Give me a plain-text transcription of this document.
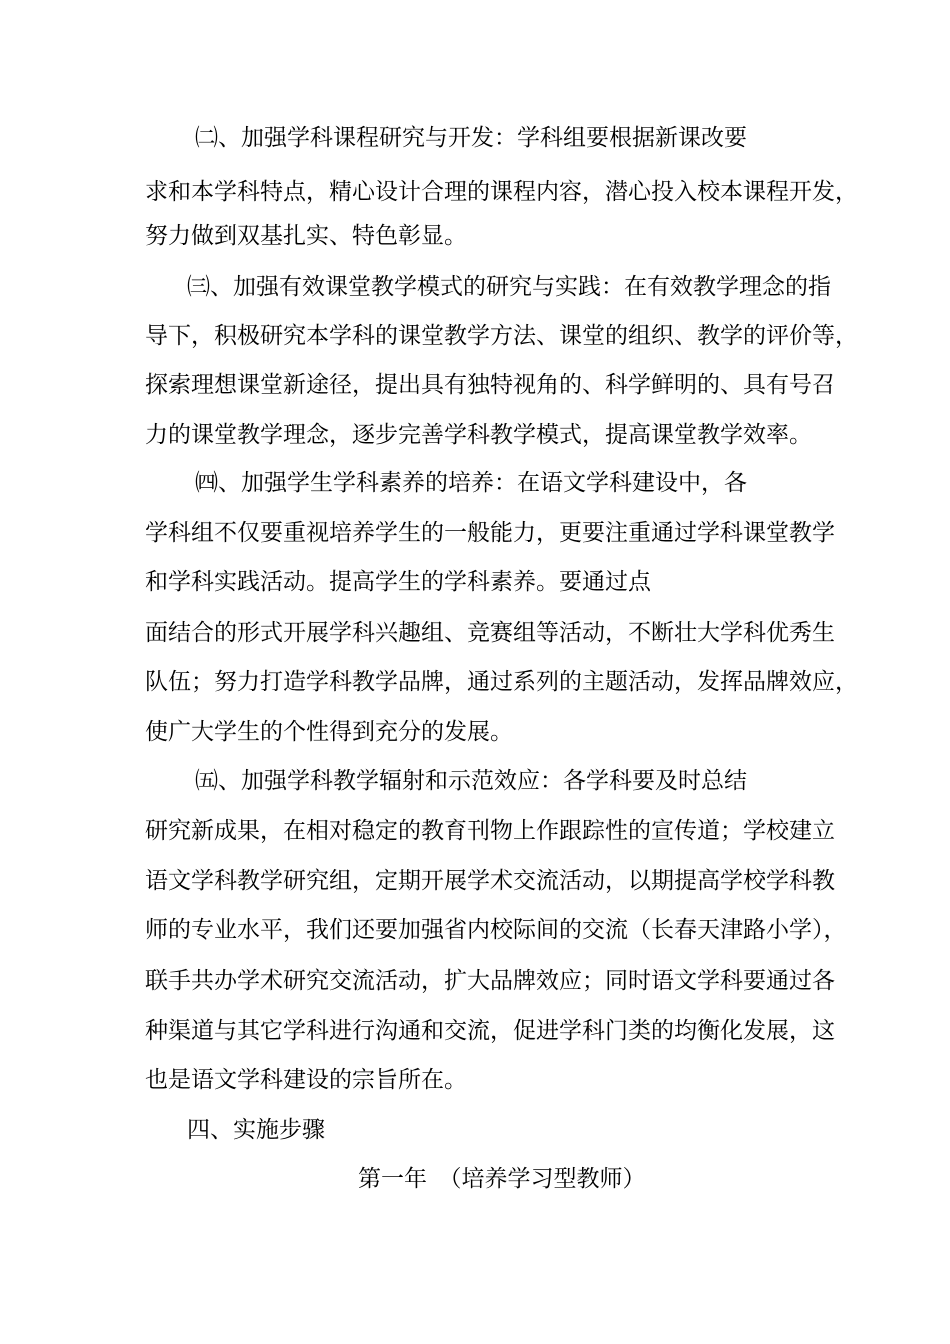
㈡、加强学科课程研究与开发：学科组要根据新课改要
求和本学科特点，精心设计合理的课程内容，潜心投入校本课程开发，
努力做到双基扎实、特色彰显。
㈢、加强有效课堂教学模式的研究与实践：在有效教学理念的指
导下，积极研究本学科的课堂教学方法、课堂的组织、教学的评价等，
探索理想课堂新途径，提出具有独特视角的、科学鲜明的、具有号召
力的课堂教学理念，逐步完善学科教学模式，提高课堂教学效率。
㈣、加强学生学科素养的培养：在语文学科建设中，各
学科组不仅要重视培养学生的一般能力，更要注重通过学科课堂教学
和学科实践活动。提高学生的学科素养。要通过点
面结合的形式开展学科兴趣组、竞赛组等活动，不断壮大学科优秀生
队伍；努力打造学科教学品牌，通过系列的主题活动，发挥品牌效应，
使广大学生的个性得到充分的发展。
㈤、加强学科教学辐射和示范效应：各学科要及时总结
研究新成果，在相对稳定的教育刊物上作跟踪性的宣传道；学校建立
语文学科教学研究组，定期开展学术交流活动，以期提高学校学科教
师的专业水平，我们还要加强省内校际间的交流（长春天津路小学），
联手共办学术研究交流活动，扩大品牌效应；同时语文学科要通过各
种渠道与其它学科进行沟通和交流，促进学科门类的均衡化发展，这
也是语文学科建设的宗旨所在。
四、实施步骤
第一年　（培养学习型教师）
